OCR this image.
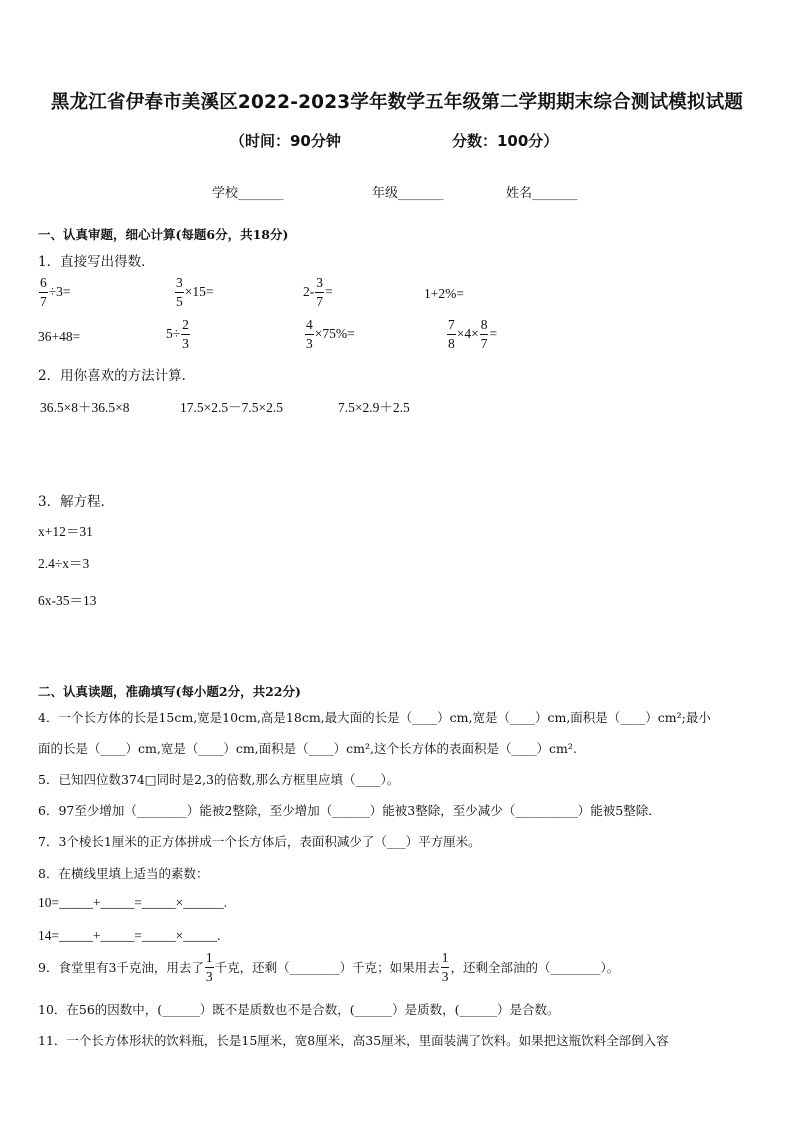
黑龙江省伊春市美溪区2022-2023学年数学五年级第二学期期末综合测试模拟试题
（时间：90分钟	分数：100分）
学校_______	年级_______	姓名_______
一、认真审题，细心计算(每题6分，共18分)
1．直接写出得数．
$\frac{6}{7} \div 3=$	$\frac{3}{5} \times 15=$	$2- \frac{3}{7}$ =	1+2%=
36+48=	$5\div \frac{2}{3}$	$\frac{4}{3} \times 75\%=$	$\frac{7}{8} \times 4\times \frac{8}{7}$ =
2．用你喜欢的方法计算．
36.5×8＋36.5×8	17.5×2.5－7.5×2.5	7.5×2.9＋2.5
3．解方程．
x+12＝31
2.4÷x＝3
6x-35＝13
二、认真读题，准确填写(每小题2分，共22分)
4．一个长方体的长是15cm,宽是10cm,高是18cm,最大面的长是（____）cm,宽是（____）cm,面积是（____）cm²;最小
面的长是（____）cm,宽是（____）cm,面积是（____）cm²,这个长方体的表面积是（____）cm².
5．已知四位数374□同时是2,3的倍数,那么方框里应填（____）。
6．97至少增加（________）能被2整除，至少增加（______）能被3整除，至少减少（__________）能被5整除．
7．3个棱长1厘米的正方体拼成一个长方体后，表面积减少了（___）平方厘米。
8．在横线里填上适当的素数：
10=_____+_____=_____×______.
14=_____+_____=_____×_____.
9．食堂里有3千克油，用去了 $\frac{1}{3}$ 千克，还剩（________）千克；如果用去 $\frac{1}{3}$ ，还剩全部油的（________）。
10．在56的因数中，(______）既不是质数也不是合数，(______）是质数，(______）是合数。
11．一个长方体形状的饮料瓶，长是15厘米，宽8厘米，高35厘米，里面装满了饮料。如果把这瓶饮料全部倒入容
